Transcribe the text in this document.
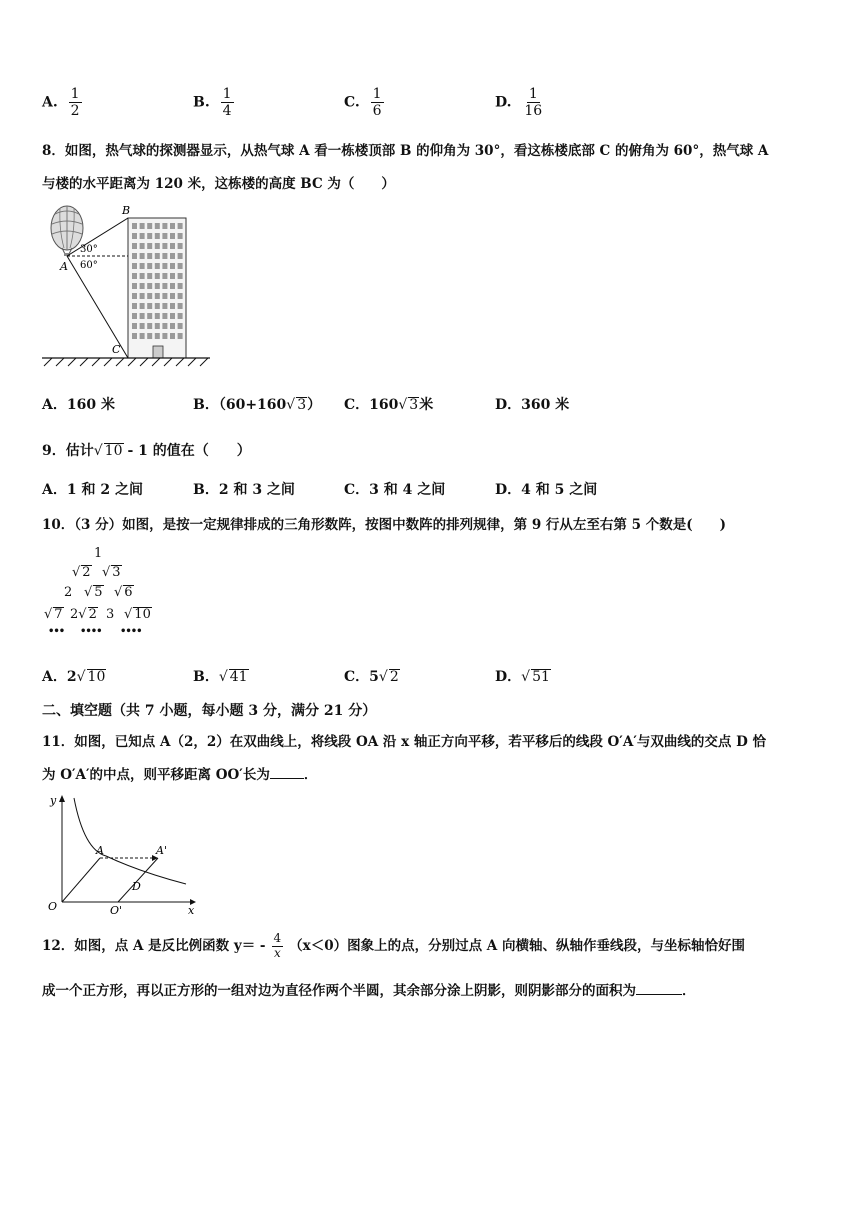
A. $\frac{1}{2}$	B. $\frac{1}{4}$	C. $\frac{1}{6}$	D. $\frac{1}{16}$
8．如图，热气球的探测器显示，从热气球 A 看一栋楼顶部 B 的仰角为 30°，看这栋楼底部 C 的俯角为 60°，热气球 A
与楼的水平距离为 120 米，这栋楼的高度 BC 为（　　）
B
A
C
30°
60°
A．160 米	B．（60+160√ 3） C．160√ 3米	D．360 米
9．估计√ 10 - 1 的值在（　　）
A．1 和 2 之间	B．2 和 3 之间	C．3 和 4 之间	D．4 和 5 之间
10．（3 分）如图，是按一定规律排成的三角形数阵，按图中数阵的排列规律，第 9 行从左至右第 5 个数是(　　)
1
√ 2 √ 3
2 √ 5 √ 6
√ 7 2√ 2 3 √ 10
••• •••• ••••
A．2√ 10	B．√ 41	C．5√ 2	D．√ 51
二、填空题（共 7 小题，每小题 3 分，满分 21 分）
11．如图，已知点 A（2，2）在双曲线上，将线段 OA 沿 x 轴正方向平移，若平移后的线段 O′A′与双曲线的交点 D 恰
为 O′A′的中点，则平移距离 OO′长为	．
y
x
O	O'
A	A'
D
12．如图，点 A 是反比例函数 $y= - \frac{4}{x} (x<0)$图象上的点，分别过点 A 向横轴、纵轴作垂线段，与坐标轴恰好围
成一个正方形，再以正方形的一组对边为直径作两个半圆，其余部分涂上阴影，则阴影部分的面积为	．
